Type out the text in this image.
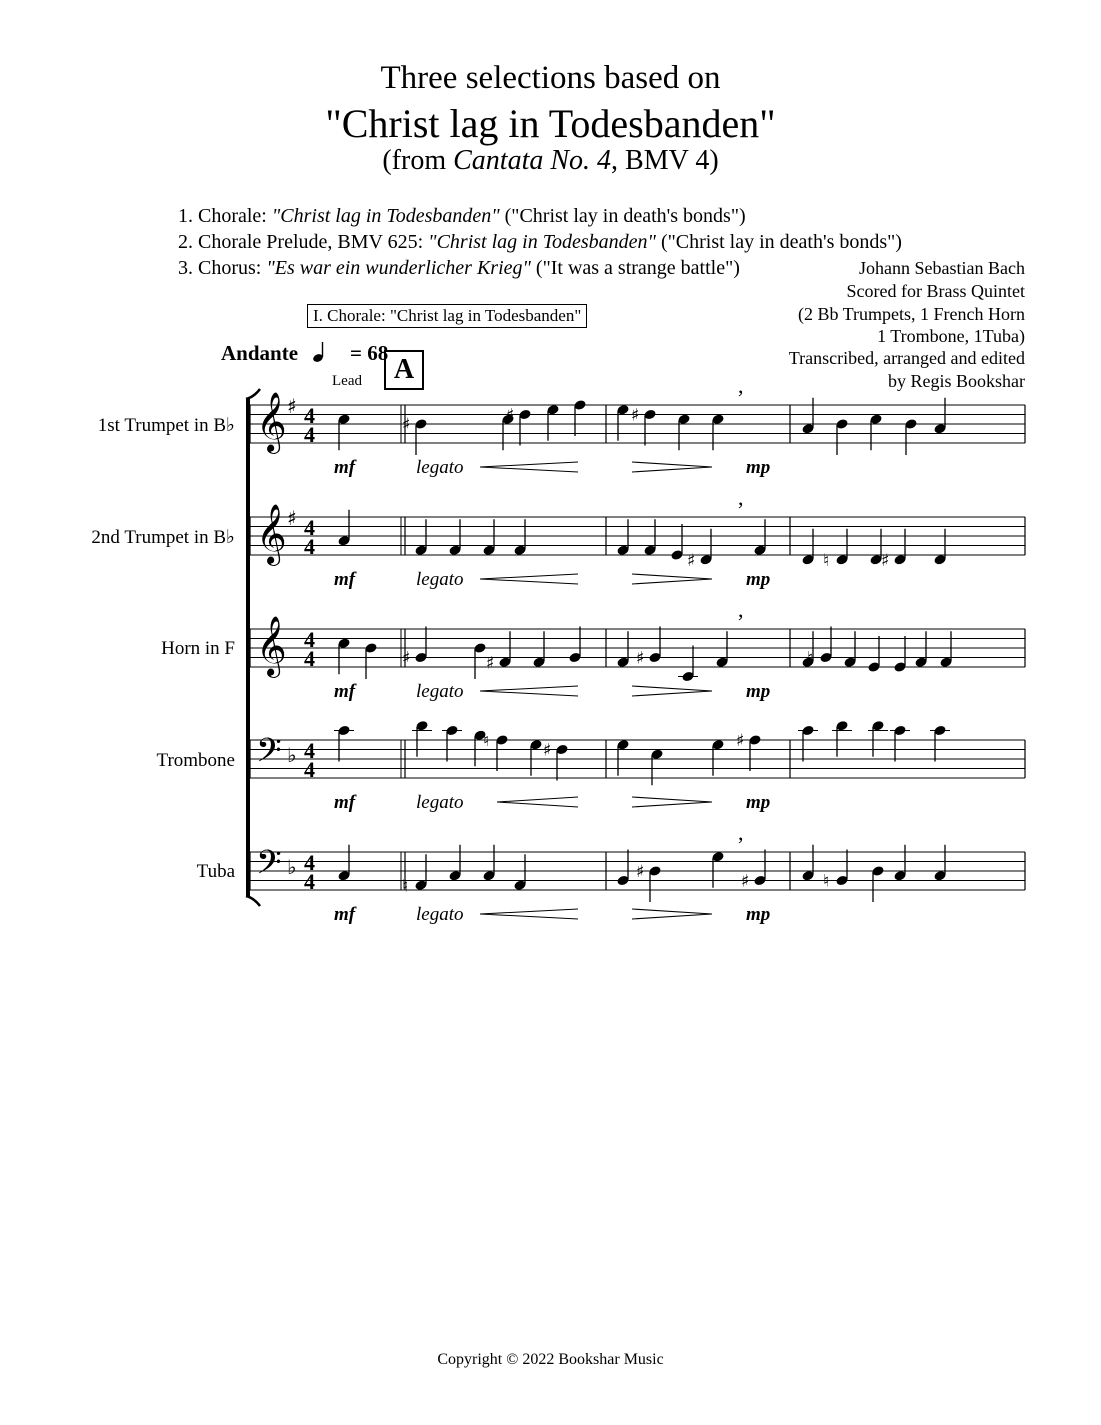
Three selections based on
"Christ lag in Todesbanden"
(from Cantata No. 4, BMV 4)
1. Chorale: "Christ lag in Todesbanden" ("Christ lay in death's bonds")
2. Chorale Prelude, BMV 625: "Christ lag in Todesbanden" ("Christ lay in death's bonds")
3. Chorus: "Es war ein wunderlicher Krieg" ("It was a strange battle")	Johann Sebastian Bach
Scored for Brass Quintet
(2 Bb Trumpets, 1 French Horn
1 Trombone, 1Tuba)
Transcribed, arranged and edited
by Regis Bookshar
I. Chorale: "Christ lag in Todesbanden"
Andante	= 68
A
Lead
1st Trumpet in B♭
2nd Trumpet in B♭
Horn in F
Trombone
Tuba
𝄞 ♯ 4
4	♯	♯	♯
,
mf	legato	mp
𝄞 ♯ 4
4
♯	♮	♯
,
mf	legato	mp
𝄞 4
4	♯	♯	♯	♮
,
mf	legato	mp
𝄢 ♭ 4
4
♮	♯	♯
mf	legato	mp
𝄢 ♭ 4
4	♮
♯	♯	♮
,
mf	legato	mp
Copyright © 2022 Bookshar Music
